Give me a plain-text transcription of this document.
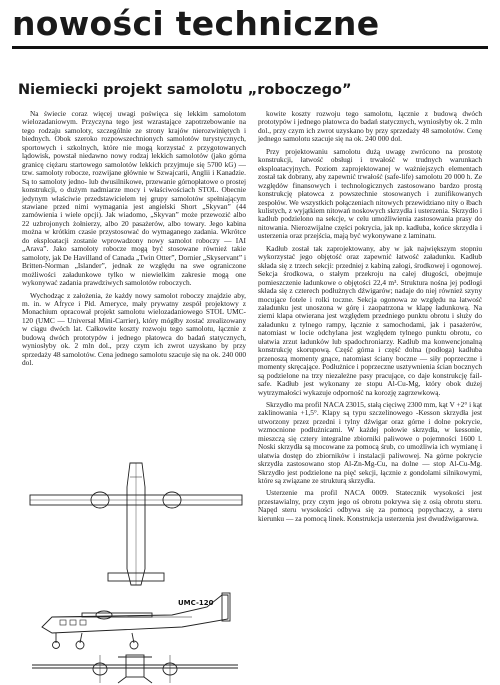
nowości techniczne
Niemiecki projekt samolotu „roboczego”

Na świecie coraz więcej uwagi poświęca się lekkim samolotom wielozadaniowym. Przyczyna tego jest wzrastające zapotrzebowanie na tego rodzaju samoloty, szczególnie ze strony krajów nierozwiniętych i biednych. Obok szeroko rozpowszechnionych samolotów turystycznych, sportowych i szkolnych, które nie mogą korzystać z przygotowanych lądowisk, powstał niedawno nowy rodzaj lekkich samolotów (jako górna granicę ciężaru startowego samolotów lekkich przyjmuje się 5700 kG) — tzw. samoloty robocze, rozwijane głównie w Szwajcarii, Anglii i Kanadzie. Są to samoloty jedno- lub dwusilnikowe, przewanie górnopłatowe o prostej konstrukcji, o dużym nadmiarze mocy i właściwościach STOL. Obecnie jedynym właściwie przedstawicielem tej grupy samolotów spełniającym stawiane przed nimi wymagania jest angielski Short „Skyvan” (44 zamówienia i wiele opcji). Jak wiadomo, „Skyvan” może przewozić albo 22 uzbrojonych żołnierzy, albo 20 pasażerów, albo towary. Jego kabina można w krótkim czasie przystosować do wymaganego zadania. Wkrótce do eksploatacji zostanie wprowadzony nowy samolot roboczy — IAI „Arava”. Jako samoloty robocze mogą być stosowane również takie samoloty, jak De Havilland of Canada „Twin Otter”, Dornier „Skyservant” i Britten-Norman „Islander”, jednak ze względu na swe ograniczone możliwości załadunkowe tylko w niewielkim zakresie mogą one wykonywać zadania prawdziwych samolotów roboczych.

Wychodząc z założenia, że każdy nowy samolot roboczy znajdzie aby, m. in. w Afryce i Płd. Ameryce, mały prywatny zespół projektowy z Monachium opracował projekt samolotu wielozadaniowego STOL UMC-120 (UMC — Universal Mini-Carrier), który mógłby zostać zrealizowany w ciągu dwóch lat. Całkowite koszty rozwoju tego samolotu, łącznie z budową dwóch prototypów i jednego płatowca do badań statycznych, wyniosłyby ok. 2 mln dol., przy czym ich zwrot uzyskano by przy sprzedaży 48 samolotów. Cena jednego samolotu szacuje się na ok. 240 000 dol.

kowite koszty rozwoju tego samolotu, łącznie z budową dwóch prototypów i jednego płatowca do badań statycznych, wyniosłyby ok. 2 mln dol., przy czym ich zwrot uzyskano by przy sprzedaży 48 samolotów. Cenę jednego samolotu szacuje się na ok. 240 000 dol.

Przy projektowaniu samolotu dużą uwagę zwrócono na prostotę konstrukcji, łatwość obsługi i trwałość w trudnych warunkach eksploatacyjnych. Poziom zaprojektowanej w ważniejszych elementach został tak dobrany, aby zapewnić trwałość (safe-life) samolotu 20 000 h. Ze względów finansowych i technologicznych zastosowano bardzo prostą konstrukcję płatowca z powszechnie stosowanych i zunifikowanych zespołów. We wszystkich połączeniach nitowych przewidziano nity o łbach kulistych, z wyjątkiem nitowań noskowych skrzydła i usterzenia. Skrzydło i kadłub podzielono na sekcje, w celu umożliwienia zastosowania prasy do nitowania. Nierozwijalne części pokrycia, jak np. kadłuba, końce skrzydła i usterzenia oraz przejścia, mają być wykonywane z laminatu.

Kadłub został tak zaprojektowany, aby w jak największym stopniu wykorzystać jego objętość oraz zapewnić łatwość załadunku. Kadłub składa się z trzech sekcji: przedniej z kabiną załogi, środkowej i ogonowej. Sekcja środkowa, o stałym przekroju na całej długości, obejmuje pomieszczenie ładunkowe o objętości 22,4 m³. Struktura nośna jej podłogi składa się z czterech podłużnych dźwigarów; nadaje do niej również szyny mocujące fotele i rolki toczne. Sekcja ogonowa ze względu na łatwość załadunku jest unoszona w górę i zaopatrzona w klapę ładunkową. Na ziemi klapa otwierana jest względem przedniego punktu obrotu i służy do załadunku z tylnego rampy, łącznie z samochodami, jak i pasażerów, natomiast w locie odchylana jest względem tylnego punktu obrotu, co ułatwia zrzut ładunków lub spadochroniarzy. Kadłub ma konwencjonalną konstrukcję skorupową. Część górna i część dolna (podłoga) kadłuba przenoszą momenty gnące, natomiast ściany boczne — siły poprzeczne i momenty skręcające. Podłużnice i poprzeczne usztywnienia ścian bocznych są podzielone na trzy niezależne pasy pracujące, co daje konstrukcję fail-safe. Kadłub jest wykonany ze stopu Al-Cu-Mg, który obok dużej wytrzymałości wykazuje odporność na korozję zagrzewkową.

Skrzydło ma profil NACA 23015, stałą cięciwę 2300 mm, kąt V +2° i kąt zaklinowania +1,5°. Klapy są typu szczelinowego -Kesson skrzydła jest utworzony przez przedni i tylny dźwigar oraz górne i dolne pokrycie, wzmocnione podłużnicami. W każdej połowie skrzydła, w kessonie, mieszczą się cztery integralne zbiorniki paliwowe o pojemności 1600 l. Noski skrzydła są mocowane za pomocą śrub, co umożliwia ich wymianę i ułatwia dostęp do zbiorników i instalacji paliwowej. Na górne pokrycie skrzydła zastosowano stop Al-Zn-Mg-Cu, na dolne — stop Al-Cu-Mg. Skrzydło jest podzielone na pięć sekcji, łącznie z gondolami silnikowymi, które są związane ze strukturą skrzydła.

Usterzenie ma profil NACA 0009. Statecznik wysokości jest przestawialny, przy czym jego oś obrotu pokrywa się z osią obrotu steru. Napęd steru wysokości odbywa się za pomocą popychaczy, a steru kierunku — za pomocą linek. Konstrukcja usterzenia jest dwudźwigarowa.

UMC-120
